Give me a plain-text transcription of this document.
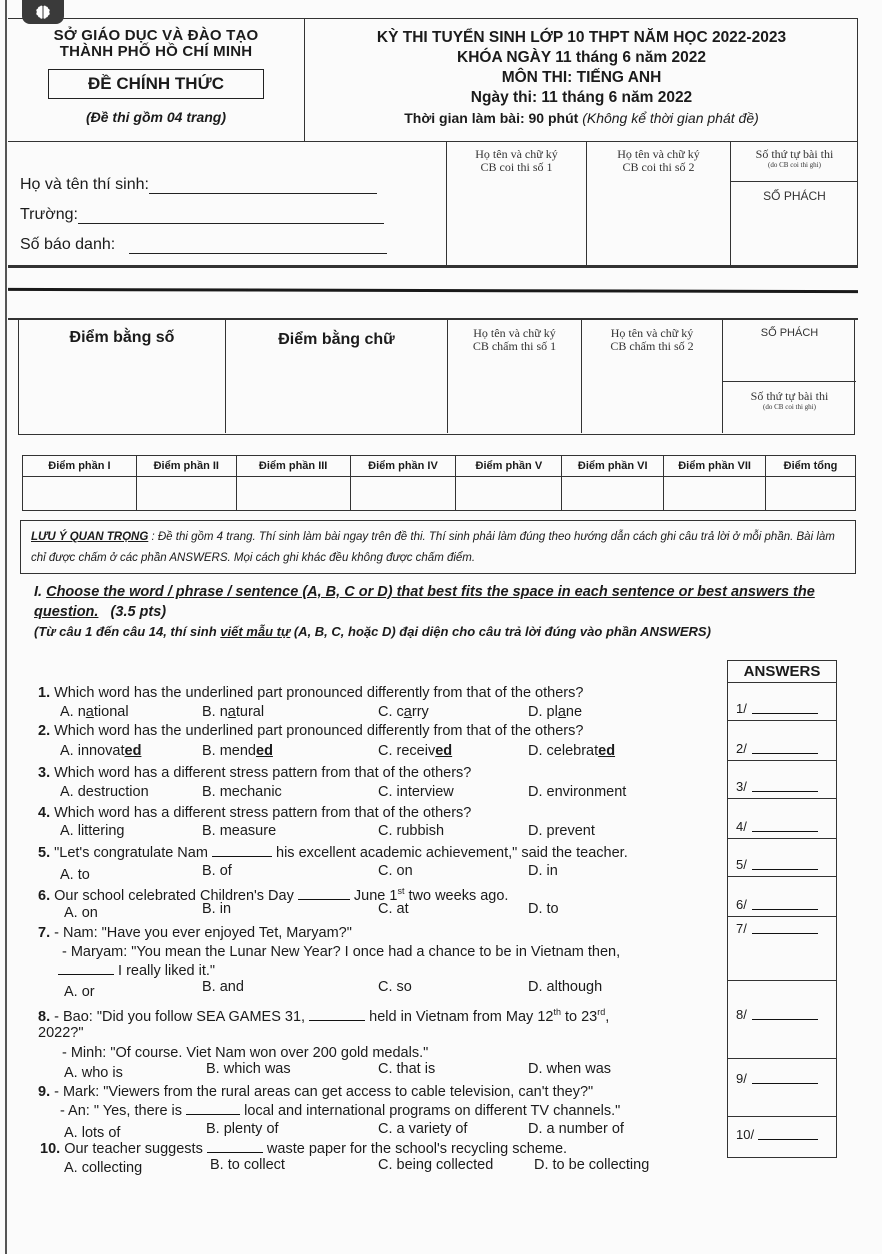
SỞ GIÁO DỤC VÀ ĐÀO TẠO
THÀNH PHỐ HỒ CHÍ MINH
ĐỀ CHÍNH THỨC
(Đề thi gồm 04 trang)
KỲ THI TUYỂN SINH LỚP 10 THPT NĂM HỌC 2022-2023
KHÓA NGÀY 11 tháng 6 năm 2022
MÔN THI: TIẾNG ANH
Ngày thi: 11 tháng 6 năm 2022
Thời gian làm bài: 90 phút (Không kể thời gian phát đề)
Họ và tên thí sinh:
Trường:
Số báo danh:
Họ tên và chữ ký
CB coi thi số 1
Họ tên và chữ ký
CB coi thi số 2
Số thứ tự bài thi
(do CB coi thi ghi)
SỐ PHÁCH
Điểm bằng số	Điểm bằng chữ	Họ tên và chữ ký
CB chấm thi số 1
Họ tên và chữ ký
CB chấm thi số 2
SỐ PHÁCH
Số thứ tự bài thi
(do CB coi thi ghi)
Điểm phần I	Điểm phần II	Điểm phần III	Điểm phần IV	Điểm phần V	Điểm phần VI	Điểm phần VII	Điểm tổng

LƯU Ý QUAN TRỌNG : Đề thi gồm 4 trang. Thí sinh làm bài ngay trên đề thi. Thí sinh phải làm đúng theo hướng dẫn cách ghi câu trả lời ở mỗi phần. Bài làm chỉ được chấm ở các phần ANSWERS. Mọi cách ghi khác đều không được chấm điểm.
I. Choose the word / phrase / sentence (A, B, C or D) that best fits the space in each sentence or best answers the question. (3.5 pts)
(Từ câu 1 đến câu 14, thí sinh viết mẫu tự (A, B, C, hoặc D) đại diện cho câu trả lời đúng vào phần ANSWERS)
ANSWERS
1/
2/
3/
4/
5/
6/
7/
8/
9/
10/
1. Which word has the underlined part pronounced differently from that of the others?
A. national	B. natural	C. carry	D. plane
2. Which word has the underlined part pronounced differently from that of the others?
A. innovated	B. mended	C. received	D. celebrated
3. Which word has a different stress pattern from that of the others?
A. destruction	B. mechanic	C. interview	D. environment
4. Which word has a different stress pattern from that of the others?
A. littering	B. measure	C. rubbish	D. prevent
5. "Let's congratulate Nam	his excellent academic achievement," said the teacher.
A. to	B. of	C. on	D. in
6. Our school celebrated Children's Day	June 1st two weeks ago.
A. on	B. in	C. at	D. to
7. - Nam: "Have you ever enjoyed Tet, Maryam?"
- Maryam: "You mean the Lunar New Year? I once had a chance to be in Vietnam then,
I really liked it."
A. or	B. and	C. so	D. although
8. - Bao: "Did you follow SEA GAMES 31,	held in Vietnam from May 12th to 23rd,
2022?"
- Minh: "Of course. Viet Nam won over 200 gold medals."
A. who is	B. which was	C. that is	D. when was
9. - Mark: "Viewers from the rural areas can get access to cable television, can't they?"
- An: " Yes, there is	local and international programs on different TV channels."
A. lots of	B. plenty of	C. a variety of	D. a number of
10. Our teacher suggests	waste paper for the school's recycling scheme.
A. collecting	B. to collect	C. being collected	D. to be collecting
